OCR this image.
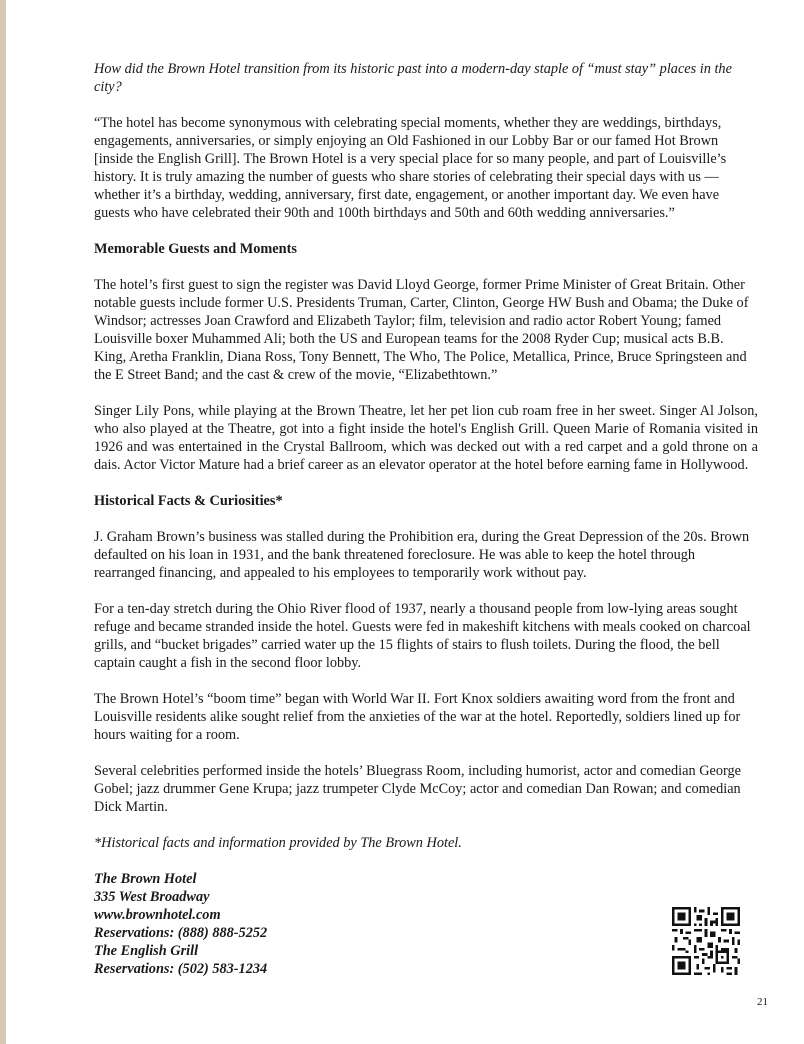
How did the Brown Hotel transition from its historic past into a modern-day staple of “must stay” places in the city?

“The hotel has become synonymous with celebrating special moments, whether they are weddings, birthdays, engagements, anniversaries, or simply enjoying an Old Fashioned in our Lobby Bar or our famed Hot Brown [inside the English Grill]. The Brown Hotel is a very special place for so many people, and part of Louisville’s history. It is truly amazing the number of guests who share stories of celebrating their special days with us — whether it’s a birthday, wedding, anniversary, first date, engagement, or another important day. We even have guests who have celebrated their 90th and 100th birthdays and 50th and 60th wedding anniversaries.”

Memorable Guests and Moments

The hotel’s first guest to sign the register was David Lloyd George, former Prime Minister of Great Britain. Other notable guests include former U.S. Presidents Truman, Carter, Clinton, George HW Bush and Obama; the Duke of Windsor; actresses Joan Crawford and Elizabeth Taylor; film, television and radio actor Robert Young; famed Louisville boxer Muhammed Ali; both the US and European teams for the 2008 Ryder Cup; musical acts B.B. King, Aretha Franklin, Diana Ross, Tony Bennett, The Who, The Police, Metallica, Prince, Bruce Springsteen and the E Street Band; and the cast & crew of the movie, “Elizabethtown.”

Singer Lily Pons, while playing at the Brown Theatre, let her pet lion cub roam free in her sweet. Singer Al Jolson, who also played at the Theatre, got into a fight inside the hotel's English Grill. Queen Marie of Romania visited in 1926 and was entertained in the Crystal Ballroom, which was decked out with a red carpet and a gold throne on a dais. Actor Victor Mature had a brief career as an elevator operator at the hotel before earning fame in Hollywood.

Historical Facts & Curiosities*

J. Graham Brown’s business was stalled during the Prohibition era, during the Great Depression of the 20s. Brown defaulted on his loan in 1931, and the bank threatened foreclosure. He was able to keep the hotel through rearranged financing, and appealed to his employees to temporarily work without pay.

For a ten-day stretch during the Ohio River flood of 1937, nearly a thousand people from low-lying areas sought refuge and became stranded inside the hotel. Guests were fed in makeshift kitchens with meals cooked on charcoal grills, and “bucket brigades” carried water up the 15 flights of stairs to flush toilets. During the flood, the bell captain caught a fish in the second floor lobby.

The Brown Hotel’s “boom time” began with World War II. Fort Knox soldiers awaiting word from the front and Louisville residents alike sought relief from the anxieties of the war at the hotel. Reportedly, soldiers lined up for hours waiting for a room.

Several celebrities performed inside the hotels’ Bluegrass Room, including humorist, actor and comedian George Gobel; jazz drummer Gene Krupa; jazz trumpeter Clyde McCoy; actor and comedian Dan Rowan; and comedian Dick Martin.

*Historical facts and information provided by The Brown Hotel.

The Brown Hotel
335 West Broadway
www.brownhotel.com
Reservations: (888) 888-5252
The English Grill
Reservations: (502) 583-1234
21
